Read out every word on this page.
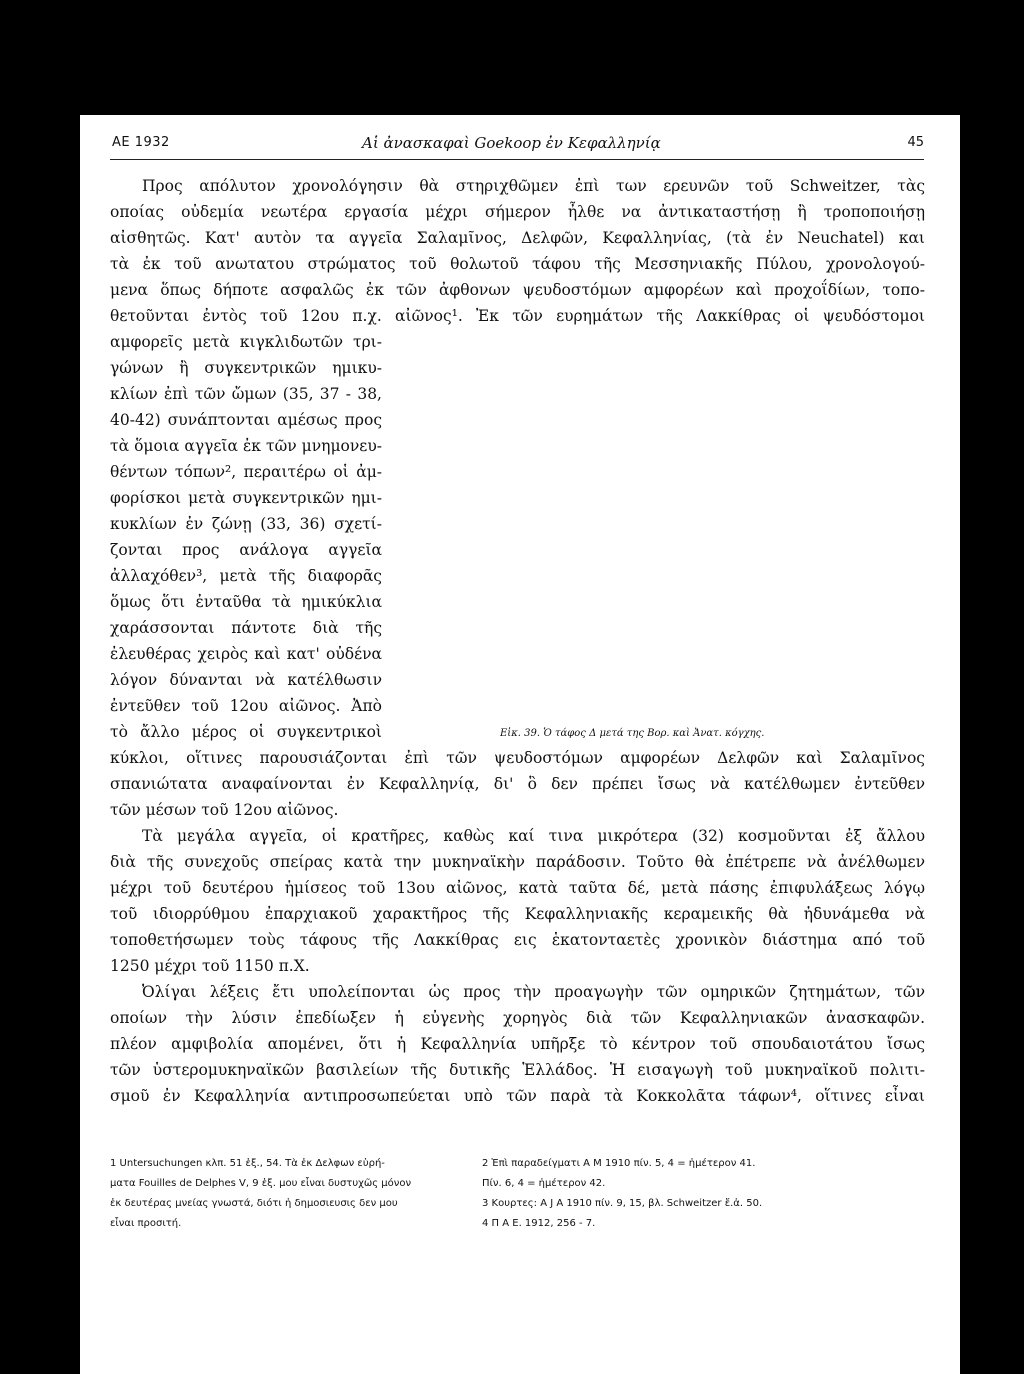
ΑΕ 1932	Αἱ ἀνασκαφαὶ Goekoop ἐν Κεφαλληνίᾳ	45
Προς απόλυτον χρονολόγησιν θὰ στηριχθῶμεν ἐπὶ των ερευνῶν τοῦ Schweitzer, τὰς
οποίας οὐδεμία νεωτέρα εργασία μέχρι σήμερον ἦλθε να ἀντικαταστήσῃ ἢ τροποποιήσῃ
αἰσθητῶς. Κατ' αυτὸν τα αγγεῖα Σαλαμῖνος, Δελφῶν, Κεφαλληνίας, (τὰ ἐν Neuchatel) και
τὰ ἐκ τοῦ ανωτατου στρώματος τοῦ θολωτοῦ τάφου τῆς Μεσσηνιακῆς Πύλου, χρονολογού-
μενα ὅπως δήποτε ασφαλῶς ἐκ τῶν ἀφθονων ψευδοστόμων αμφορέων καὶ προχοΐδίων, τοπο-
θετοῦνται ἐντὸς τοῦ 12ου π.χ. αἰῶνος¹. Ἐκ τῶν ευρημάτων τῆς Λακκίθρας οἱ ψευδόστομοι
αμφορεῖς μετὰ κιγκλιδωτῶν τρι-
γώνων ἢ συγκεντρικῶν ημικυ-
κλίων ἐπὶ τῶν ὤμων (35, 37 - 38,
40-42) συνάπτονται αμέσως προς
τὰ ὅμοια αγγεῖα ἐκ τῶν μνημονευ-
θέντων τόπων², περαιτέρω οἱ ἀμ-
φορίσκοι μετὰ συγκεντρικῶν ημι-
κυκλίων ἐν ζώνῃ (33, 36) σχετί-
ζονται προς ανάλογα αγγεῖα
ἀλλαχόθεν³, μετὰ τῆς διαφορᾶς
ὅμως ὅτι ἐνταῦθα τὰ ημικύκλια
χαράσσονται πάντοτε διὰ τῆς
ἐλευθέρας χειρὸς καὶ κατ' οὐδένα
λόγον δύνανται νὰ κατέλθωσιν
ἐντεῦθεν τοῦ 12ου αἰῶνος. Ἀπὸ
τὸ ἄλλο μέρος οἱ συγκεντρικοὶ
κύκλοι, οἵτινες παρουσιάζονται ἐπὶ τῶν ψευδοστόμων αμφορέων Δελφῶν καὶ Σαλαμῖνος
σπανιώτατα αναφαίνονται ἐν Κεφαλληνίᾳ, δι' ὃ δεν πρέπει ἴσως νὰ κατέλθωμεν ἐντεῦθεν
τῶν μέσων τοῦ 12ου αἰῶνος.
Τὰ μεγάλα αγγεῖα, οἱ κρατῆρες, καθὼς καί τινα μικρότερα (32) κοσμοῦνται ἐξ ἄλλου
διὰ τῆς συνεχοῦς σπείρας κατὰ την μυκηναϊκὴν παράδοσιν. Τοῦτο θὰ ἐπέτρεπε νὰ ἀνέλθωμεν
μέχρι τοῦ δευτέρου ἡμίσεος τοῦ 13ου αἰῶνος, κατὰ ταῦτα δέ, μετὰ πάσης ἐπιφυλάξεως λόγῳ
τοῦ ιδιορρύθμου ἐπαρχιακοῦ χαρακτῆρος τῆς Κεφαλληνιακῆς κεραμεικῆς θὰ ἠδυνάμεθα νὰ
τοποθετήσωμεν τοὺς τάφους τῆς Λακκίθρας εις ἑκατονταετὲς χρονικὸν διάστημα από τοῦ
1250 μέχρι τοῦ 1150 π.Χ.
Ὀλίγαι λέξεις ἔτι υπολείπονται ὡς προς τὴν προαγωγὴν τῶν ομηρικῶν ζητημάτων, τῶν
οποίων τὴν λύσιν ἐπεδίωξεν ἡ εὐγενὴς χορηγὸς διὰ τῶν Κεφαλληνιακῶν ἀνασκαφῶν.
πλέον αμφιβολία απομένει, ὅτι ἡ Κεφαλληνία υπῆρξε τὸ κέντρον τοῦ σπουδαιοτάτου ἴσως
τῶν ὑστερομυκηναϊκῶν βασιλείων τῆς δυτικῆς Ἑλλάδος. Ἡ εισαγωγὴ τοῦ μυκηναϊκοῦ πολιτι-
σμοῦ ἐν Κεφαλληνία αντιπροσωπεύεται υπὸ τῶν παρὰ τὰ Κοκκολᾶτα τάφων⁴, οἵτινες εἶναι
Εἰκ. 39. Ὁ τάφος Δ μετά της Βορ. καὶ Ἀνατ. κόγχης.
1 Untersuchungen κλπ. 51 ἑξ., 54. Τὰ ἐκ Δελφων εὑρή-
ματα Fouilles de Delphes V, 9 ἑξ. μου εἶναι δυστυχῶς μόνον
ἐκ δευτέρας μνείας γνωστά, διότι ἡ δημοσιευσις δεν μου
εἶναι προσιτή.
2 Ἐπὶ παραδείγματι Α Μ 1910 πίν. 5, 4 = ἡμέτερον 41.
Πίν. 6, 4 = ἡμέτερον 42.
3 Κουρτες: Α J Α 1910 πίν. 9, 15, βλ. Schweitzer ἔ.ἀ. 50.
4 Π Α Ε. 1912, 256 - 7.
